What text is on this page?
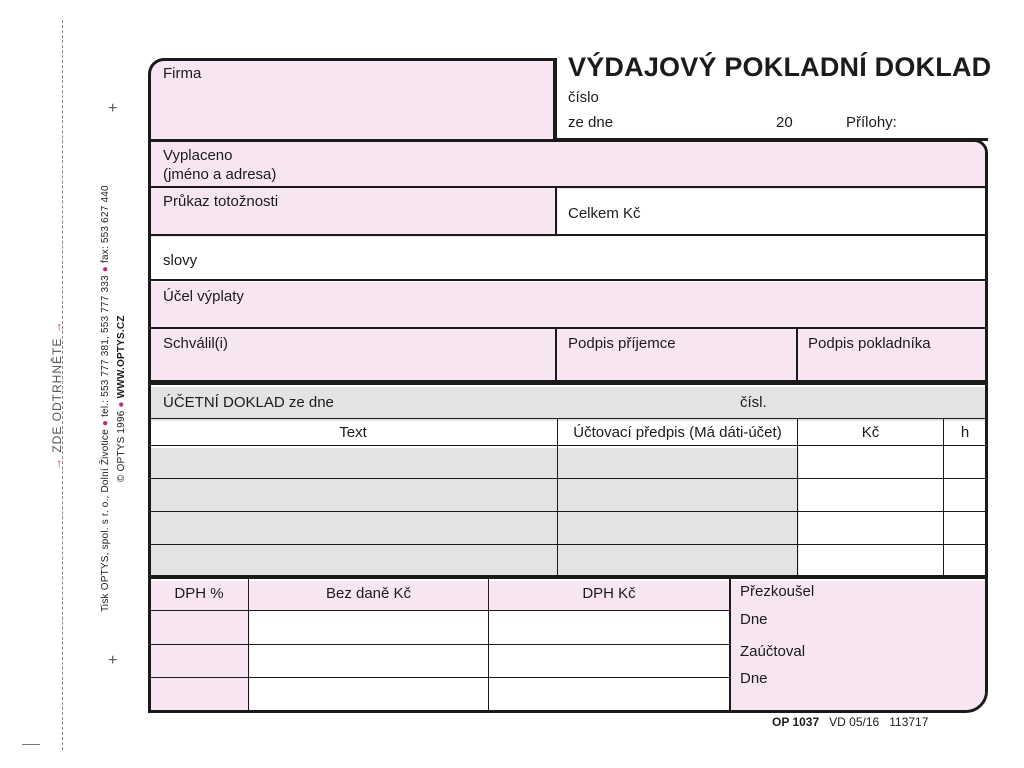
+
+
→ ZDE ODTRHNĚTE →
Tisk OPTYS, spol. s r. o., Dolní Životice ● tel.: 553 777 381, 553 777 333 ● fax: 553 627 440
© OPTYS 1996 ● WWW.OPTYS.CZ
Firma	VÝDAJOVÝ POKLADNÍ DOKLAD
číslo
ze dne	20	Přílohy:
Vyplaceno
(jméno a adresa)
Průkaz totožnosti
Celkem Kč
slovy
Účel výplaty
Schválil(i)	Podpis příjemce	Podpis pokladníka
ÚČETNÍ DOKLAD ze dne	čísl.
Text	Účtovací předpis (Má dáti-účet)	Kč	h
DPH %	Bez daně Kč	DPH Kč	Přezkoušel
Dne
Zaúčtoval
Dne
OP 1037 VD 05/16 113717
